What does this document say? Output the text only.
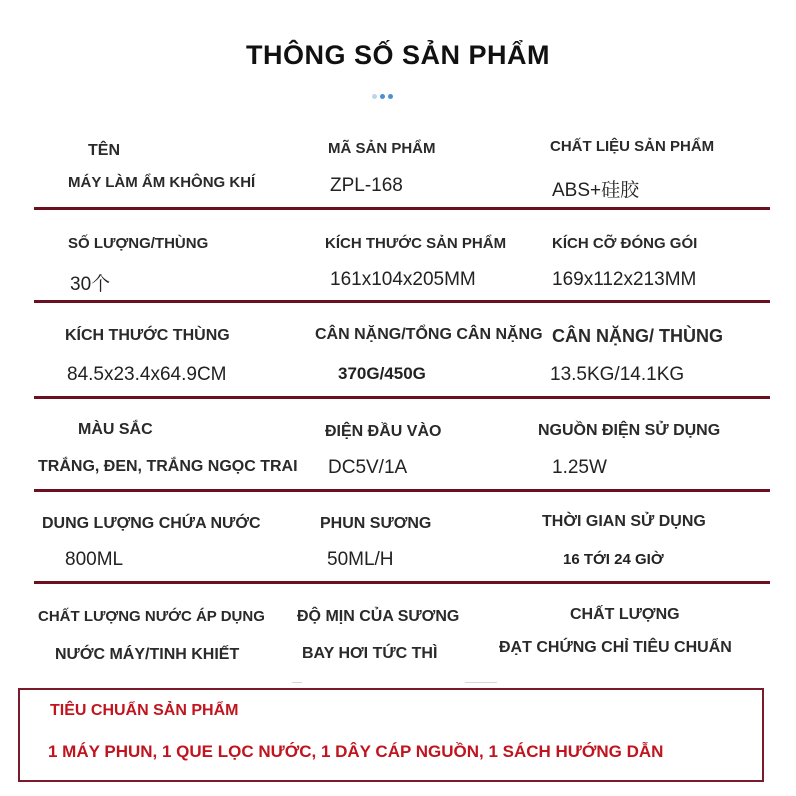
THÔNG SỐ SẢN PHẨM
TÊN
MÁY LÀM ẨM KHÔNG KHÍ
MÃ SẢN PHẨM
ZPL-168
CHẤT LIỆU SẢN PHẨM
ABS+硅胶
SỐ LƯỢNG/THÙNG
30个
KÍCH THƯỚC SẢN PHẨM
161x104x205MM
KÍCH CỠ ĐÓNG GÓI
169x112x213MM
KÍCH THƯỚC THÙNG
84.5x23.4x64.9CM
CÂN NẶNG/TỔNG CÂN NẶNG
370G/450G
CÂN NẶNG/ THÙNG
13.5KG/14.1KG
MÀU SẮC
TRẮNG, ĐEN, TRẮNG NGỌC TRAI
ĐIỆN ĐẦU VÀO
DC5V/1A
NGUỒN ĐIỆN SỬ DỤNG
1.25W
DUNG LƯỢNG CHỨA NƯỚC
800ML
PHUN SƯƠNG
50ML/H
THỜI GIAN SỬ DỤNG
16 TỚI 24 GIỜ
CHẤT LƯỢNG NƯỚC ÁP DỤNG
NƯỚC MÁY/TINH KHIẾT
ĐỘ MỊN CỦA SƯƠNG
BAY HƠI TỨC THÌ
CHẤT LƯỢNG
ĐẠT CHỨNG CHỈ TIÊU CHUẨN
TIÊU CHUẨN SẢN PHẨM
1 MÁY PHUN, 1 QUE LỌC NƯỚC, 1 DÂY CÁP NGUỒN, 1 SÁCH HƯỚNG DẪN
